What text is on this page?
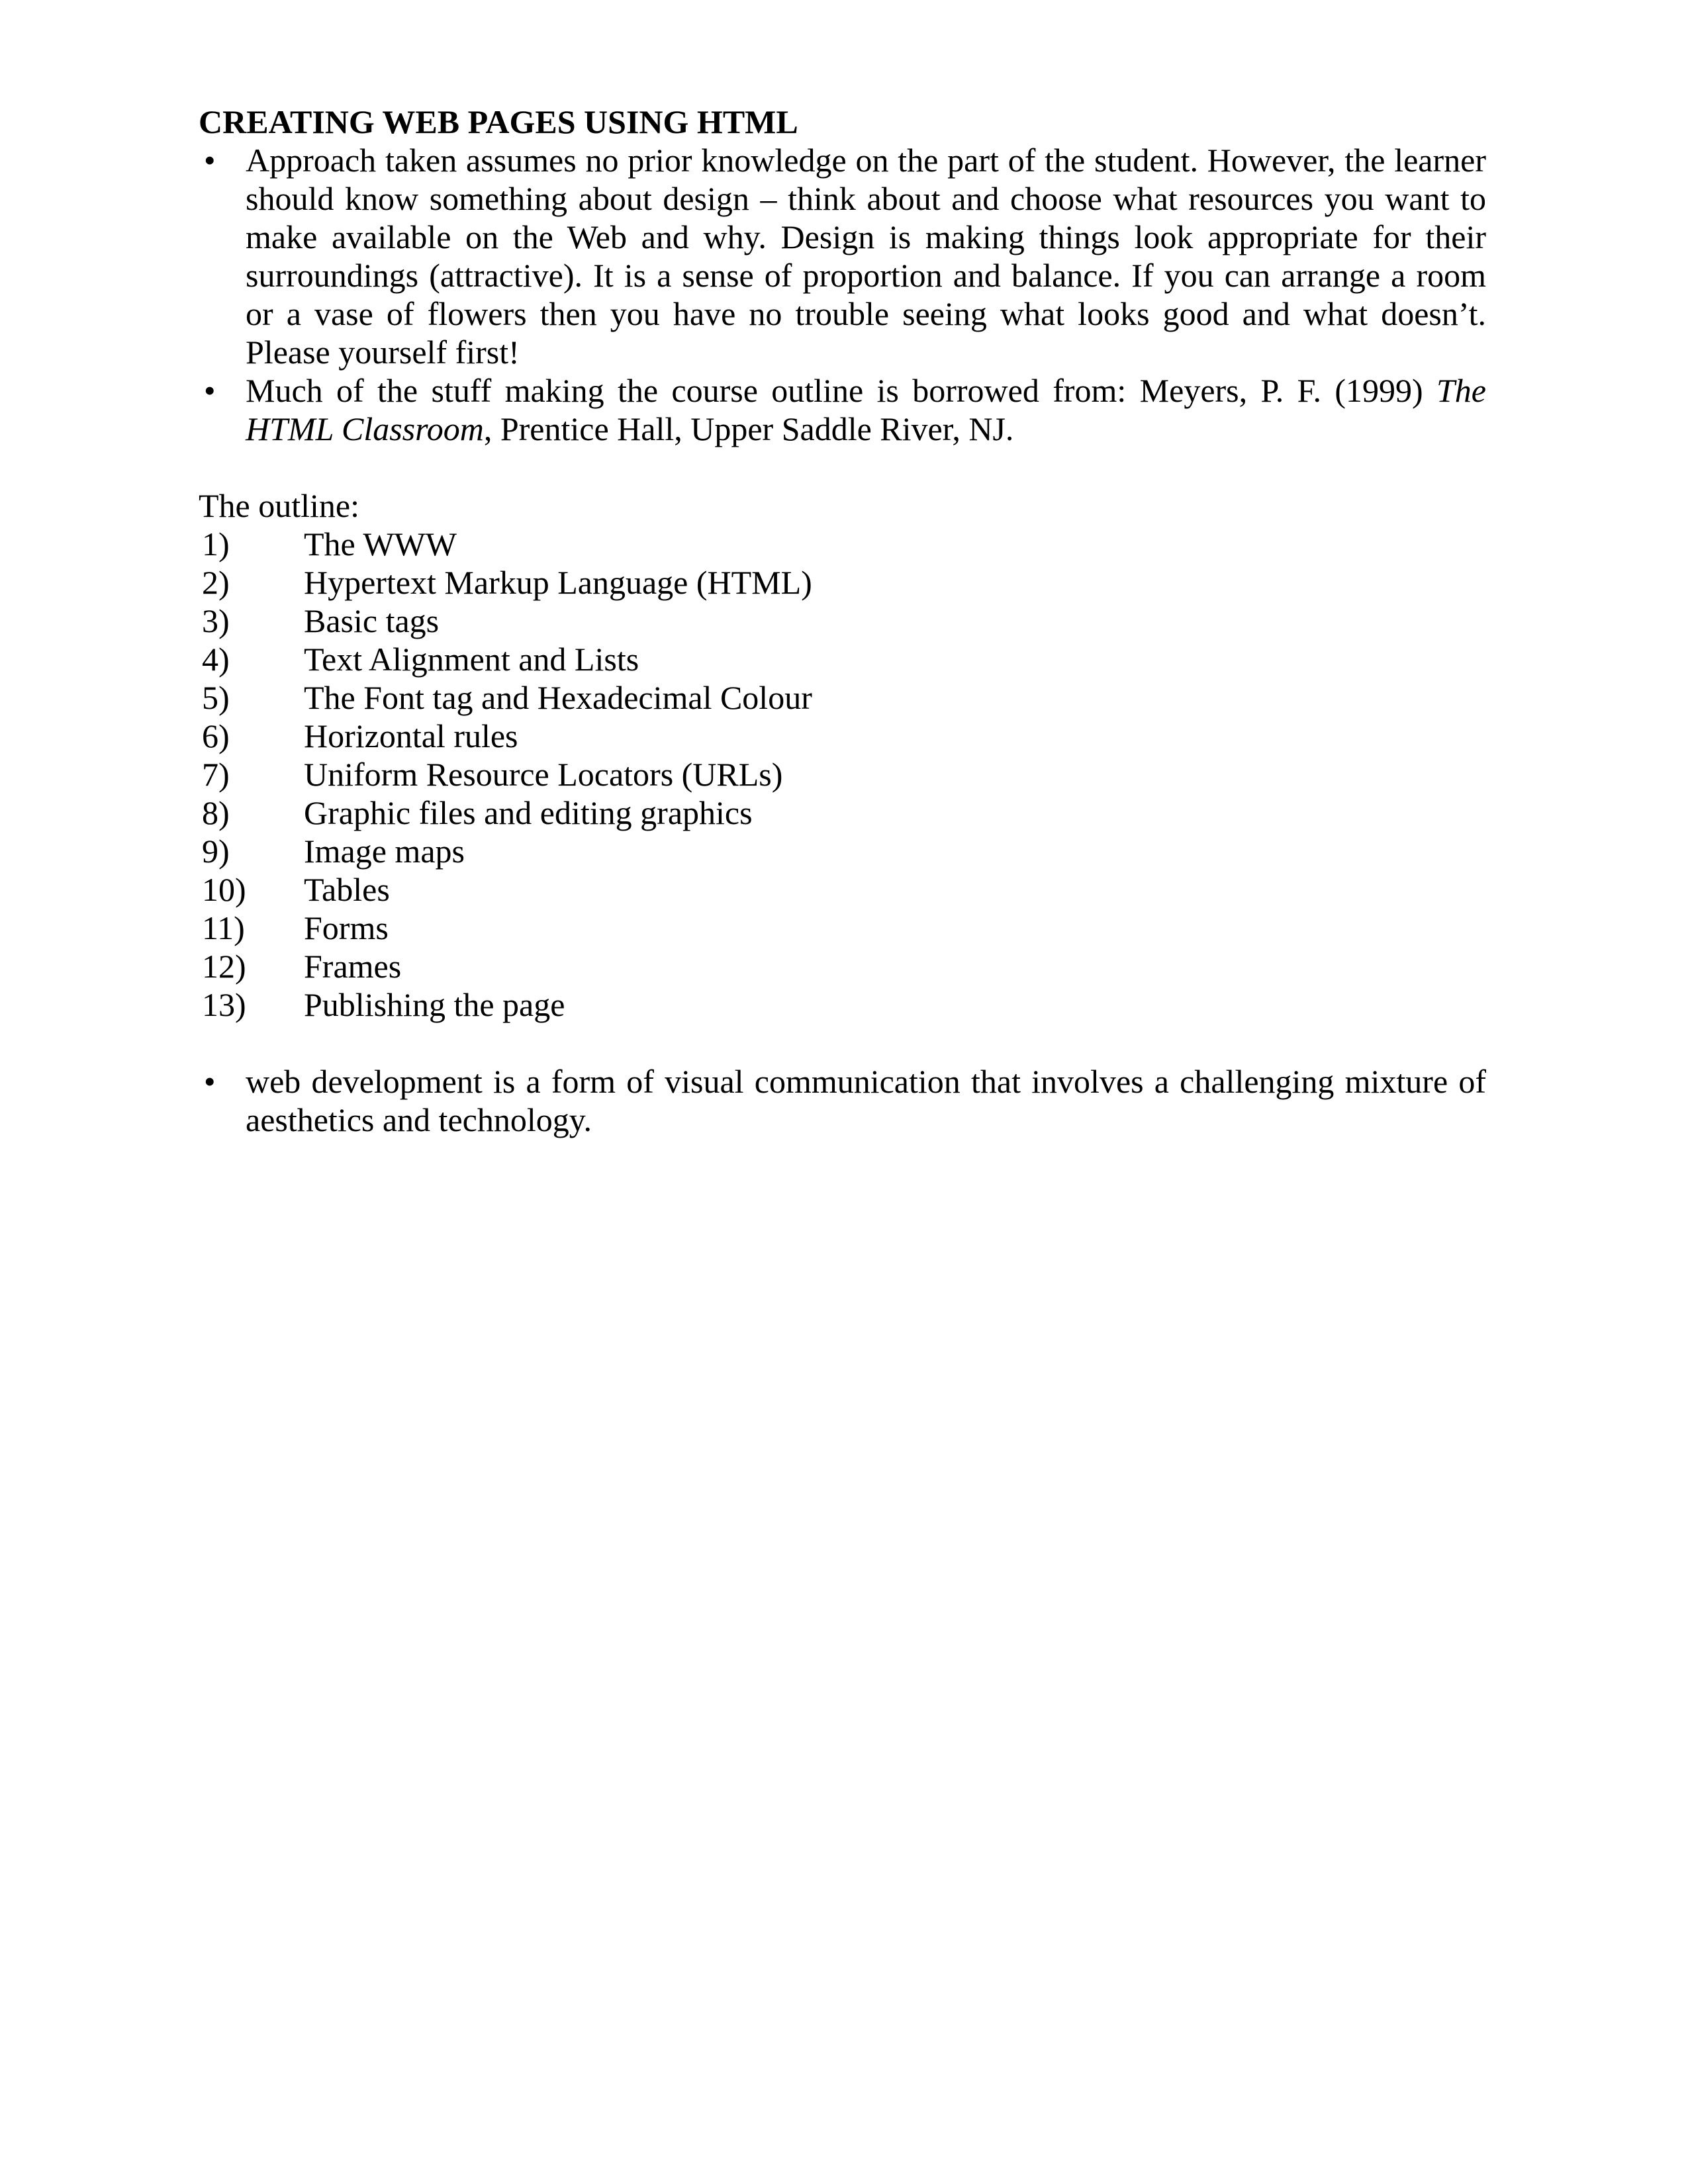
CREATING WEB PAGES USING HTML
• Approach taken assumes no prior knowledge on the part of the student. However, the learner should know something about design – think about and choose what resources you want to make available on the Web and why. Design is making things look appropriate for their surroundings (attractive). It is a sense of proportion and balance. If you can arrange a room or a vase of flowers then you have no trouble seeing what looks good and what doesn’t. Please yourself first!

• Much of the stuff making the course outline is borrowed from: Meyers, P. F. (1999) The HTML Classroom, Prentice Hall, Upper Saddle River, NJ.

The outline:

1)	The WWW
2)	Hypertext Markup Language (HTML)
3)	Basic tags
4)	Text Alignment and Lists
5)	The Font tag and Hexadecimal Colour
6)	Horizontal rules
7)	Uniform Resource Locators (URLs)
8)	Graphic files and editing graphics
9)	Image maps
10)	Tables
11)	Forms
12)	Frames
13)	Publishing the page
• web development is a form of visual communication that involves a challenging mixture of aesthetics and technology.
